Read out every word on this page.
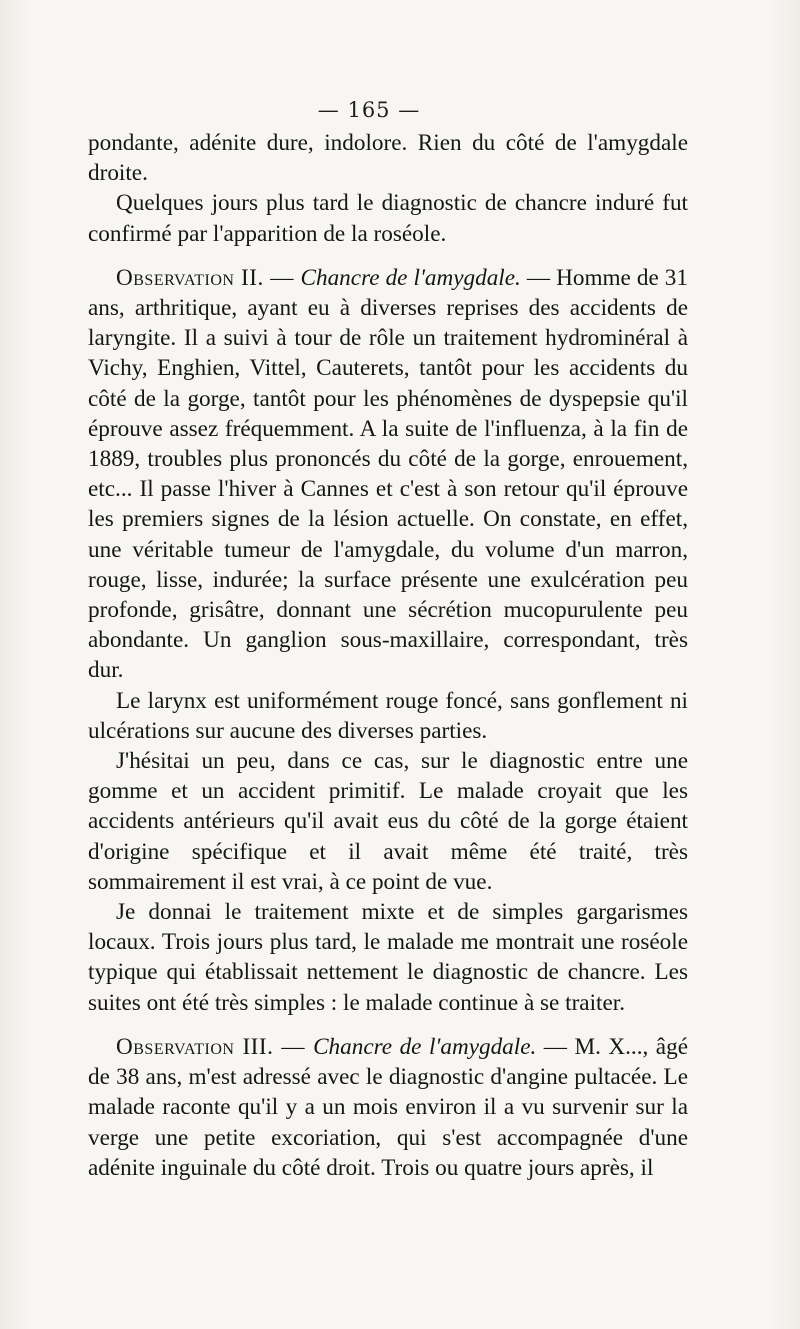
— 165 —

pondante, adénite dure, indolore. Rien du côté de l'amygdale droite.

Quelques jours plus tard le diagnostic de chancre induré fut confirmé par l'apparition de la roséole.

Observation II. — Chancre de l'amygdale. — Homme de 31 ans, arthritique, ayant eu à diverses reprises des accidents de laryngite. Il a suivi à tour de rôle un traitement hydrominéral à Vichy, Enghien, Vittel, Cauterets, tantôt pour les accidents du côté de la gorge, tantôt pour les phénomènes de dyspepsie qu'il éprouve assez fréquemment. A la suite de l'influenza, à la fin de 1889, troubles plus prononcés du côté de la gorge, enrouement, etc... Il passe l'hiver à Cannes et c'est à son retour qu'il éprouve les premiers signes de la lésion actuelle. On constate, en effet, une véritable tumeur de l'amygdale, du volume d'un marron, rouge, lisse, indurée; la surface présente une exulcération peu profonde, grisâtre, donnant une sécrétion mucopurulente peu abondante. Un ganglion sous-maxillaire, correspondant, très dur.

Le larynx est uniformément rouge foncé, sans gonflement ni ulcérations sur aucune des diverses parties.

J'hésitai un peu, dans ce cas, sur le diagnostic entre une gomme et un accident primitif. Le malade croyait que les accidents antérieurs qu'il avait eus du côté de la gorge étaient d'origine spécifique et il avait même été traité, très sommairement il est vrai, à ce point de vue.

Je donnai le traitement mixte et de simples gargarismes locaux. Trois jours plus tard, le malade me montrait une roséole typique qui établissait nettement le diagnostic de chancre. Les suites ont été très simples : le malade continue à se traiter.

Observation III. — Chancre de l'amygdale. — M. X..., âgé de 38 ans, m'est adressé avec le diagnostic d'angine pultacée. Le malade raconte qu'il y a un mois environ il a vu survenir sur la verge une petite excoriation, qui s'est accompagnée d'une adénite inguinale du côté droit. Trois ou quatre jours après, il
